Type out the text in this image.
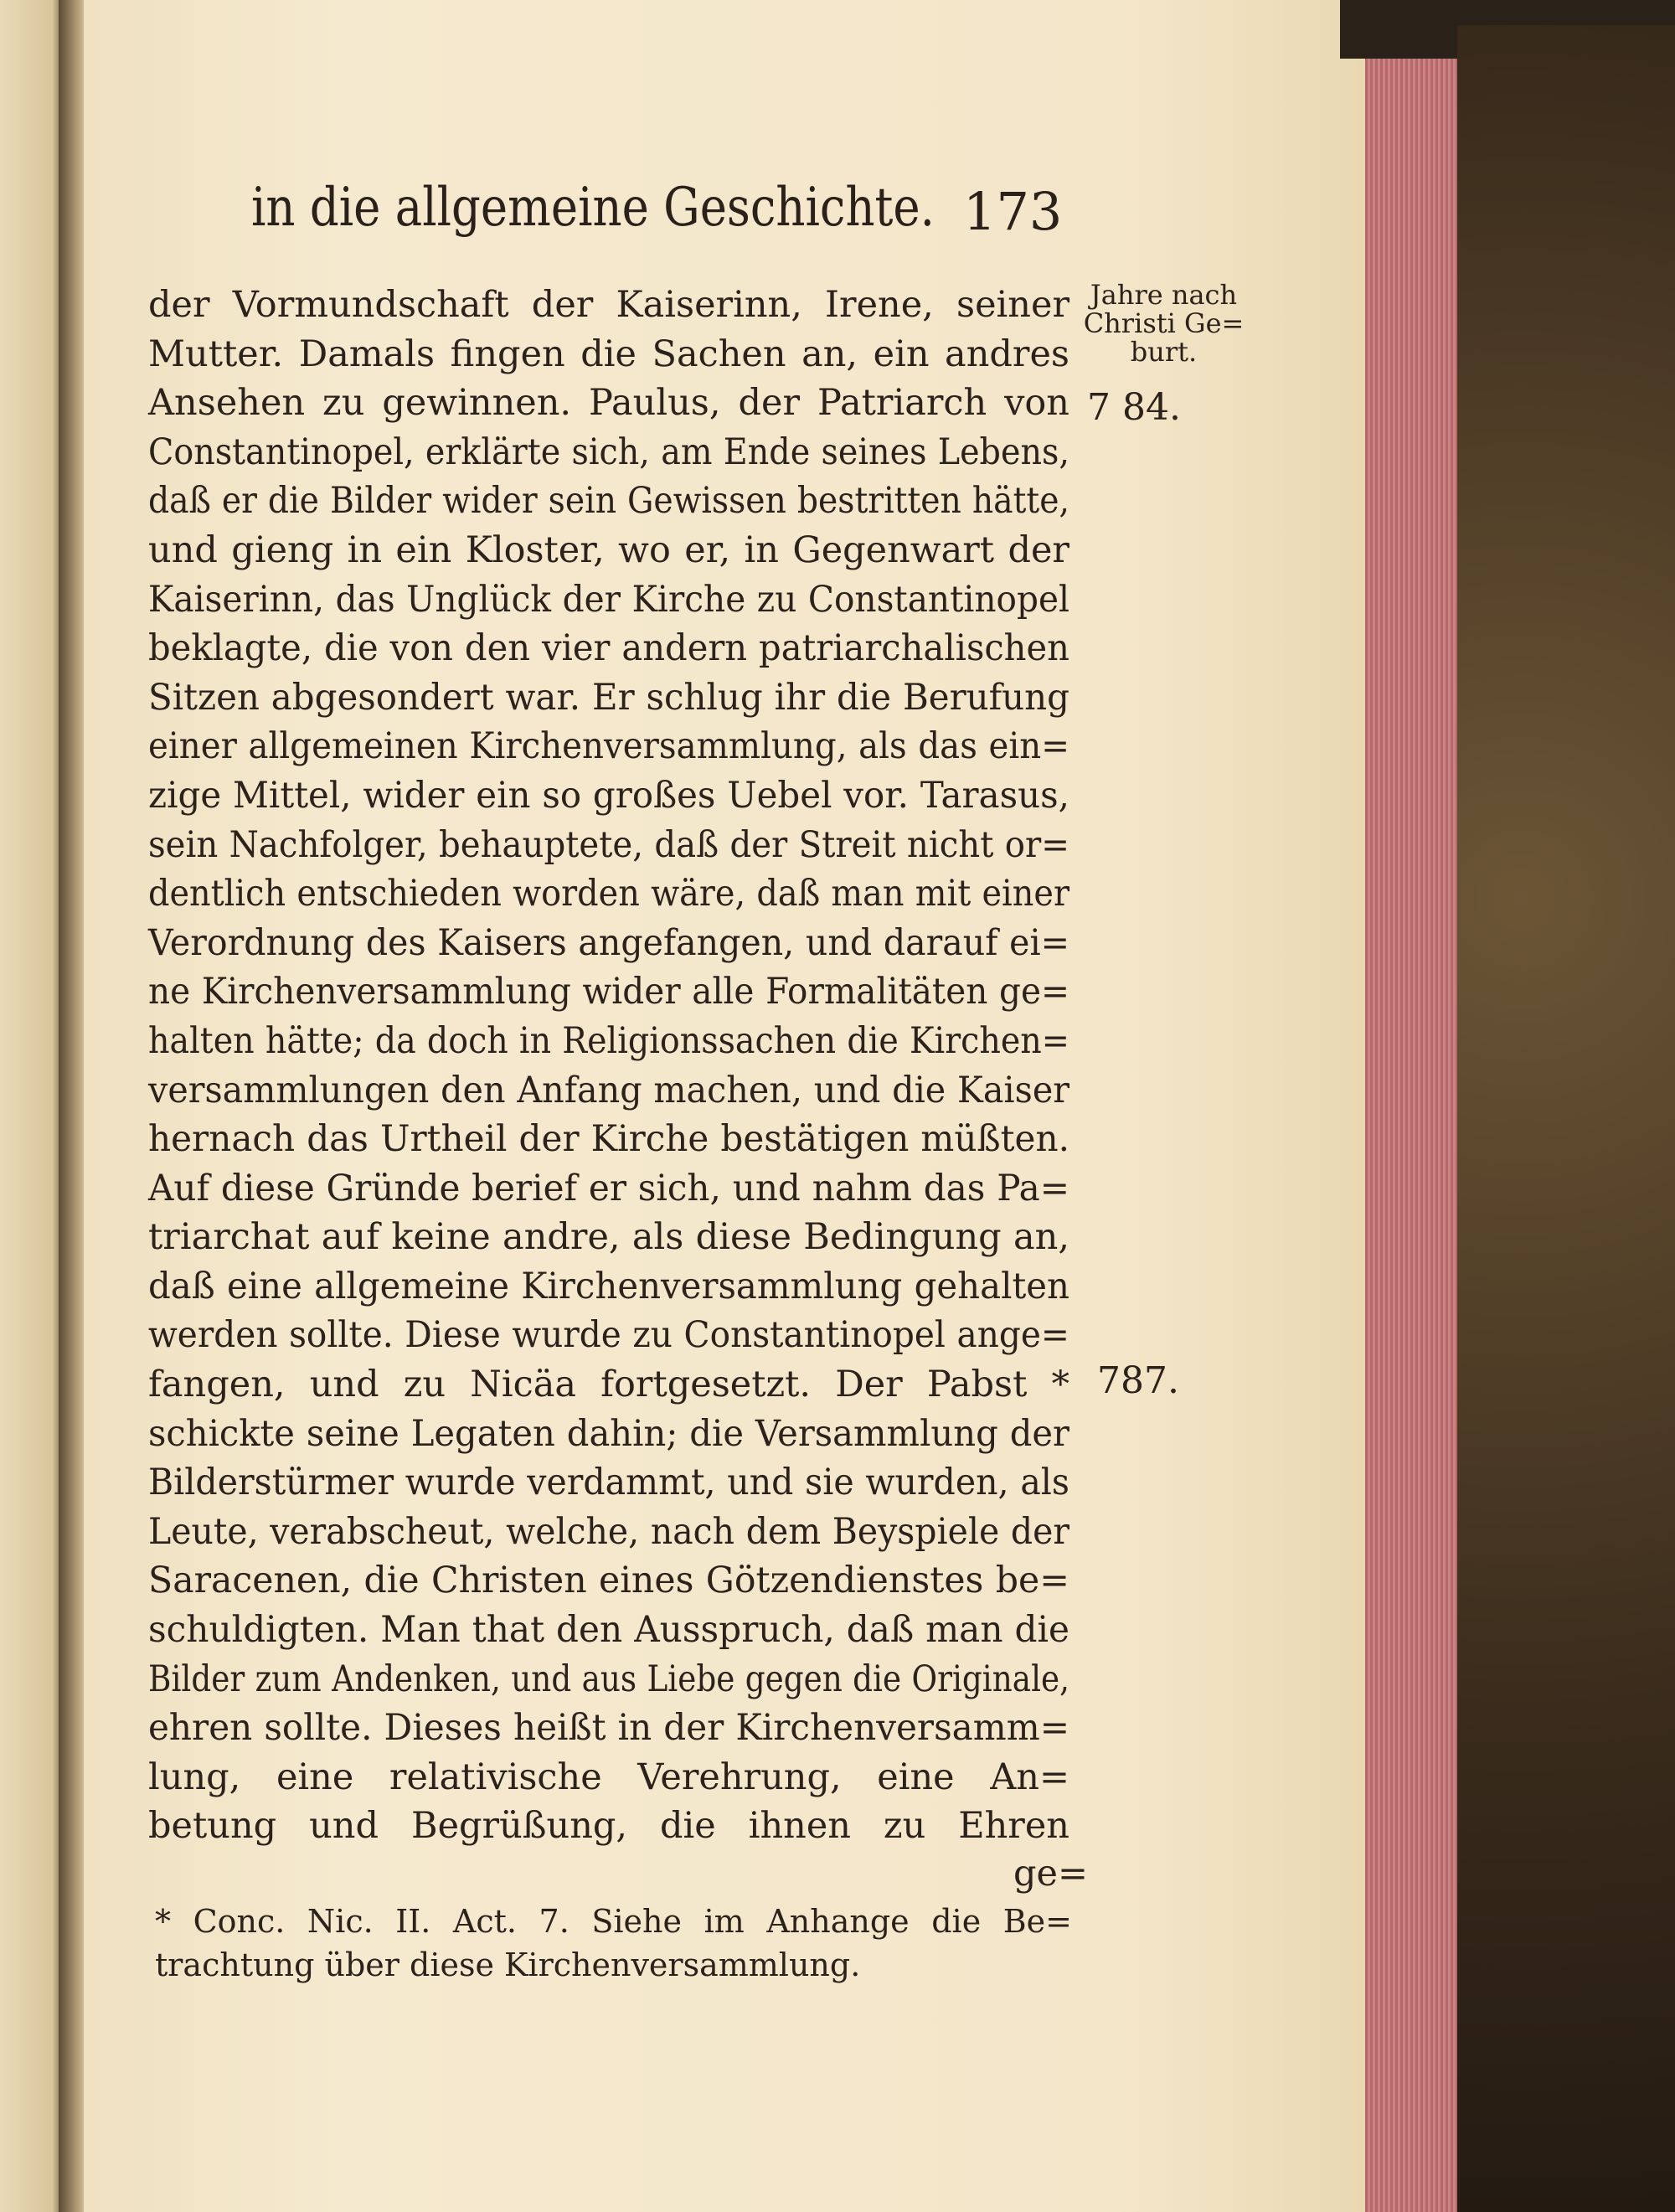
in die allgemeine Geschichte. 173
der Vormundschaft der Kaiserinn, Irene, seiner
Mutter. Damals fingen die Sachen an, ein andres
Ansehen zu gewinnen. Paulus, der Patriarch von
Constantinopel, erklärte sich, am Ende seines Lebens,
daß er die Bilder wider sein Gewissen bestritten hätte,
und gieng in ein Kloster, wo er, in Gegenwart der
Kaiserinn, das Unglück der Kirche zu Constantinopel
beklagte, die von den vier andern patriarchalischen
Sitzen abgesondert war. Er schlug ihr die Berufung
einer allgemeinen Kirchenversammlung, als das ein=
zige Mittel, wider ein so großes Uebel vor. Tarasus,
sein Nachfolger, behauptete, daß der Streit nicht or=
dentlich entschieden worden wäre, daß man mit einer
Verordnung des Kaisers angefangen, und darauf ei=
ne Kirchenversammlung wider alle Formalitäten ge=
halten hätte; da doch in Religionssachen die Kirchen=
versammlungen den Anfang machen, und die Kaiser
hernach das Urtheil der Kirche bestätigen müßten.
Auf diese Gründe berief er sich, und nahm das Pa=
triarchat auf keine andre, als diese Bedingung an,
daß eine allgemeine Kirchenversammlung gehalten
werden sollte. Diese wurde zu Constantinopel ange=
fangen, und zu Nicäa fortgesetzt. Der Pabst *
schickte seine Legaten dahin; die Versammlung der
Bilderstürmer wurde verdammt, und sie wurden, als
Leute, verabscheut, welche, nach dem Beyspiele der
Saracenen, die Christen eines Götzendienstes be=
schuldigten. Man that den Ausspruch, daß man die
Bilder zum Andenken, und aus Liebe gegen die Originale,
ehren sollte. Dieses heißt in der Kirchenversamm=
lung, eine relativische Verehrung, eine An=
betung und Begrüßung, die ihnen zu Ehren
Jahre nach
Christi Ge=
burt.
7 84.
787.
ge=
* Conc. Nic. II. Act. 7. Siehe im Anhange die Be=
trachtung über diese Kirchenversammlung.
